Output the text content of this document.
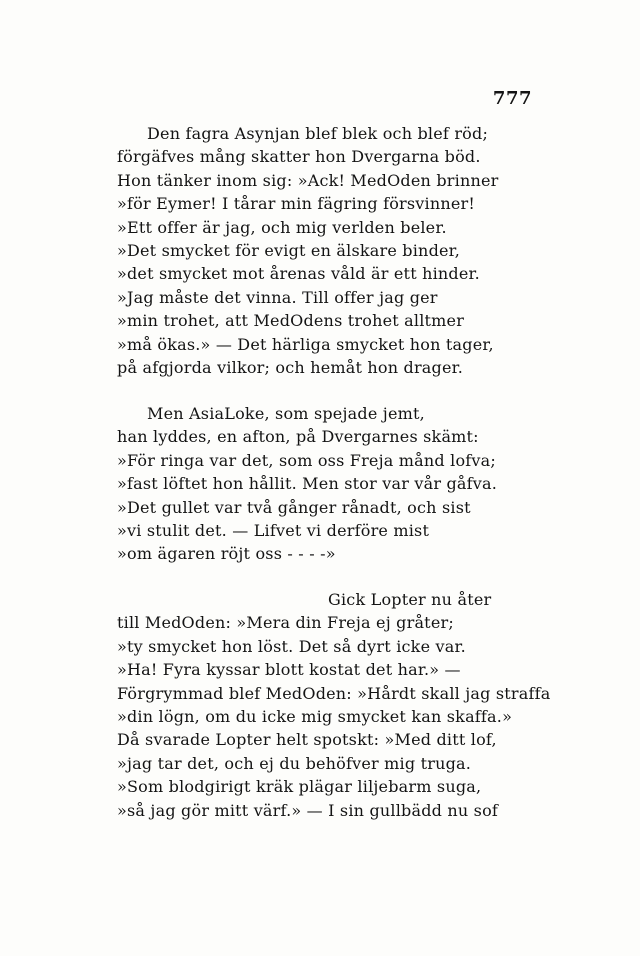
777
Den fagra Asynjan blef blek och blef röd;
förgäfves mång skatter hon Dvergarna böd.
Hon tänker inom sig: »Ack! MedOden brinner
»för Eymer! I tårar min fägring försvinner!
»Ett offer är jag, och mig verlden beler.
»Det smycket för evigt en älskare binder,
»det smycket mot årenas våld är ett hinder.
»Jag måste det vinna. Till offer jag ger
»min trohet, att MedOdens trohet alltmer
»må ökas.» — Det härliga smycket hon tager,
på afgjorda vilkor; och hemåt hon drager.
Men AsiaLoke, som spejade jemt,
han lyddes, en afton, på Dvergarnes skämt:
»För ringa var det, som oss Freja månd lofva;
»fast löftet hon hållit. Men stor var vår gåfva.
»Det gullet var två gånger rånadt, och sist
»vi stulit det. — Lifvet vi derföre mist
»om ägaren röjt oss - - - -»
Gick Lopter nu åter
till MedOden: »Mera din Freja ej gråter;
»ty smycket hon löst. Det så dyrt icke var.
»Ha! Fyra kyssar blott kostat det har.» —
Förgrymmad blef MedOden: »Hårdt skall jag straffa
»din lögn, om du icke mig smycket kan skaffa.»
Då svarade Lopter helt spotskt: »Med ditt lof,
»jag tar det, och ej du behöfver mig truga.
»Som blodgirigt kräk plägar liljebarm suga,
»så jag gör mitt värf.» — I sin gullbädd nu sof
